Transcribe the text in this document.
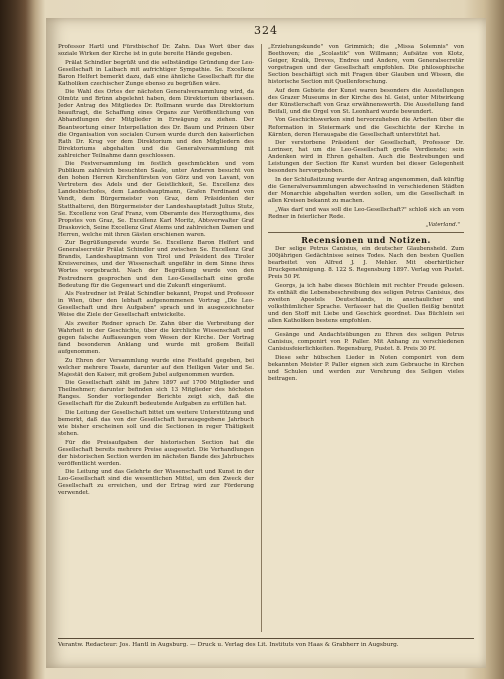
324

Professor Hartl und Fürstbischof Dr. Zahn. Das Wort über das soziale Wirken der Kirche ist in gute bereite Hände gegeben.

Prälat Schindler begrüßt und die selbständige Gründung der Leo-Gesellschaft in Laibach mit aufrichtiger Sympathie. Se. Excellenz Baron Helfert bemerkt dazu, daß eine ähnliche Gesellschaft für die Katholiken czechischer Zunge ebenso zu begrüßen wäre.

Die Wahl des Ortes der nächsten Generalversammlung wird, da Olmütz und Brünn abgelehnt haben, dem Direktorium überlassen. Jeder Antrag des Mitgliedes Dr. Rollmann wurde das Direktorium beauftragt, die Schaffung eines Organs zur Veröffentlichung von Abhandlungen der Mitglieder in Erwägung zu ziehen. Der Beantwortung einer Interpellation des Dr. Baum und Prinzen über die Organisation von socialen Cursen wurde durch den kaiserlichen Rath Dr. Krug vor dem Direktorium und den Mitgliedern des Direktoriums abgehalten und die Generalversammlung mit zahlreicher Teilnahme dann geschlossen.

Die Festversammlung im festlich geschmückten und vom Publikum zahlreich besuchten Saale, unter Anderen besucht von den hohen Herren Kirchenfürsten von Görz und von Lavant, von Vertretern des Adels und der Geistlichkeit, Se. Excellenz des Landesbischofes, dem Landeshauptmann, Grafen Ferdinand von Vendt, dem Bürgermeister von Graz, dem Präsidenten der Statthalterei, den Bürgermeister der Landeshauptstadt Julius Stutz, Se. Excellenz von Graf Franz, vom Oberamte des Herzogthums, des Propstes von Graz, Se. Excellenz Karl Moritz, Abtsverwalter Graf Draskovich, Seine Excellenz Graf Atems und zahlreichen Damen und Herren, welche mit ihren Gästen erschienen waren.

Zur Begrüßungsrede wurde Se. Excellenz Baron Helfert und Generalsecretär Prälat Schindler und zwischen Se. Excellenz Graf Brandis, Landeshauptmann von Tirol und Präsident des Tiroler Kreisvereines, und der Wissenschaft ungefähr in dem Sinne ihres Wortes vorgebracht. Nach der Begrüßung wurde von den Festrednern gesprochen und den Leo-Gesellschaft eine große Bedeutung für die Gegenwart und die Zukunft eingeräumt.

Als Festredner ist Prälat Schindler bekannt, Propst und Professor in Wien, über den lebhaft aufgenommenen Vortrag „Die Leo-Gesellschaft und ihre Aufgaben" sprach und in ausgezeichneter Weise die Ziele der Gesellschaft entwickelte.

Als zweiter Redner sprach Dr. Zahn über die Verbreitung der Wahrheit in der Geschichte, über die kirchliche Wissenschaft und gegen falsche Auffassungen vom Wesen der Kirche. Der Vortrag fand besonderen Anklang und wurde mit großem Beifall aufgenommen.

Zu Ehren der Versammlung wurde eine Festtafel gegeben, bei welcher mehrere Toaste, darunter auf den Heiligen Vater und Se. Majestät den Kaiser, mit großem Jubel aufgenommen wurden.

Die Gesellschaft zählt im Jahre 1897 auf 1700 Mitglieder und Theilnehmer; darunter befinden sich 13 Mitglieder des höchsten Ranges. Sonder vorliegender Berichte zeigt sich, daß die Gesellschaft für die Zukunft bedeutende Aufgaben zu erfüllen hat.

Die Leitung der Gesellschaft bittet um weitere Unterstützung und bemerkt, daß das von der Gesellschaft herausgegebene Jahrbuch wie bisher erscheinen soll und die Sectionen in reger Thätigkeit stehen.

Für die Preisaufgaben der historischen Section hat die Gesellschaft bereits mehrere Preise ausgesetzt. Die Verhandlungen der historischen Section werden im nächsten Bande des Jahrbuches veröffentlicht werden.

Die Leitung und das Gelehrte der Wissenschaft und Kunst in der Leo-Gesellschaft sind die wesentlichen Mittel, um den Zweck der Gesellschaft zu erreichen, und der Ertrag wird zur Förderung verwendet.

„Erziehungskunde" von Grimmich; die „Missa Solemnis" von Beethoven; die „Scolastik" von Willmann; Aufsätze von Klotz, Geiger, Kralik, Dreves, Endres und Andere, vom Generalsecretär vorgetragen und der Gesellschaft empfohlen. Die philosophische Section beschäftigt sich mit Fragen über Glauben und Wissen, die historische Section mit Quellenforschung.

Auf dem Gebiete der Kunst waren besonders die Ausstellungen des Grazer Museums in der Kirche des hl. Geist, unter Mitwirkung der Künstlerschaft von Graz erwähnenswerth. Die Ausstellung fand Beifall, und die Orgel von St. Leonhard wurde bewundert.

Von Geschichtswerken sind hervorzuheben die Arbeiten über die Reformation in Steiermark und die Geschichte der Kirche in Kärnten, deren Herausgabe die Gesellschaft unterstützt hat.

Der verstorbene Präsident der Gesellschaft, Professor Dr. Lorinser, hat um die Leo-Gesellschaft große Verdienste; sein Andenken wird in Ehren gehalten. Auch die Bestrebungen und Leistungen der Section für Kunst wurden bei dieser Gelegenheit besonders hervorgehoben.

In der Schlußsitzung wurde der Antrag angenommen, daß künftig die Generalversammlungen abwechselnd in verschiedenen Städten der Monarchie abgehalten werden sollen, um die Gesellschaft in allen Kreisen bekannt zu machen.

„Was darf und was soll die Leo-Gesellschaft?" schloß sich an vom Redner in feierlicher Rede.

„Vaterland."
Recensionen und Notizen.

Der selige Petrus Canisius, ein deutscher Glaubensheld. Zum 300jährigen Gedächtnisse seines Todes. Nach den besten Quellen bearbeitet von Alfred J. J. Mehler. Mit oberhirtlicher Druckgenehmigung. 8. 122 S. Regensburg 1897. Verlag von Pustet. Preis 50 Pf.

Georgs, ja ich habe dieses Büchlein mit rechter Freude gelesen. Es enthält die Lebensbeschreibung des seligen Petrus Canisius, des zweiten Apostels Deutschlands, in anschaulicher und volksthümlicher Sprache. Verfasser hat die Quellen fleißig benützt und den Stoff mit Liebe und Geschick geordnet. Das Büchlein sei allen Katholiken bestens empfohlen.

Gesänge und Andachtsübungen zu Ehren des seligen Petrus Canisius, componirt von P. Paller. Mit Anhang zu verschiedenen Canisiusfeierlichkeiten. Regensburg, Pustet. 8. Preis 30 Pf.

Diese sehr hübschen Lieder in Noten componirt von dem bekannten Meister P. Paller eignen sich zum Gebrauche in Kirchen und Schulen und werden zur Verehrung des Seligen vieles beitragen.

Verantw. Redacteur: Jos. Hantl in Augsburg. — Druck u. Verlag des Lit. Instituts von Haas & Grabherr in Augsburg.
